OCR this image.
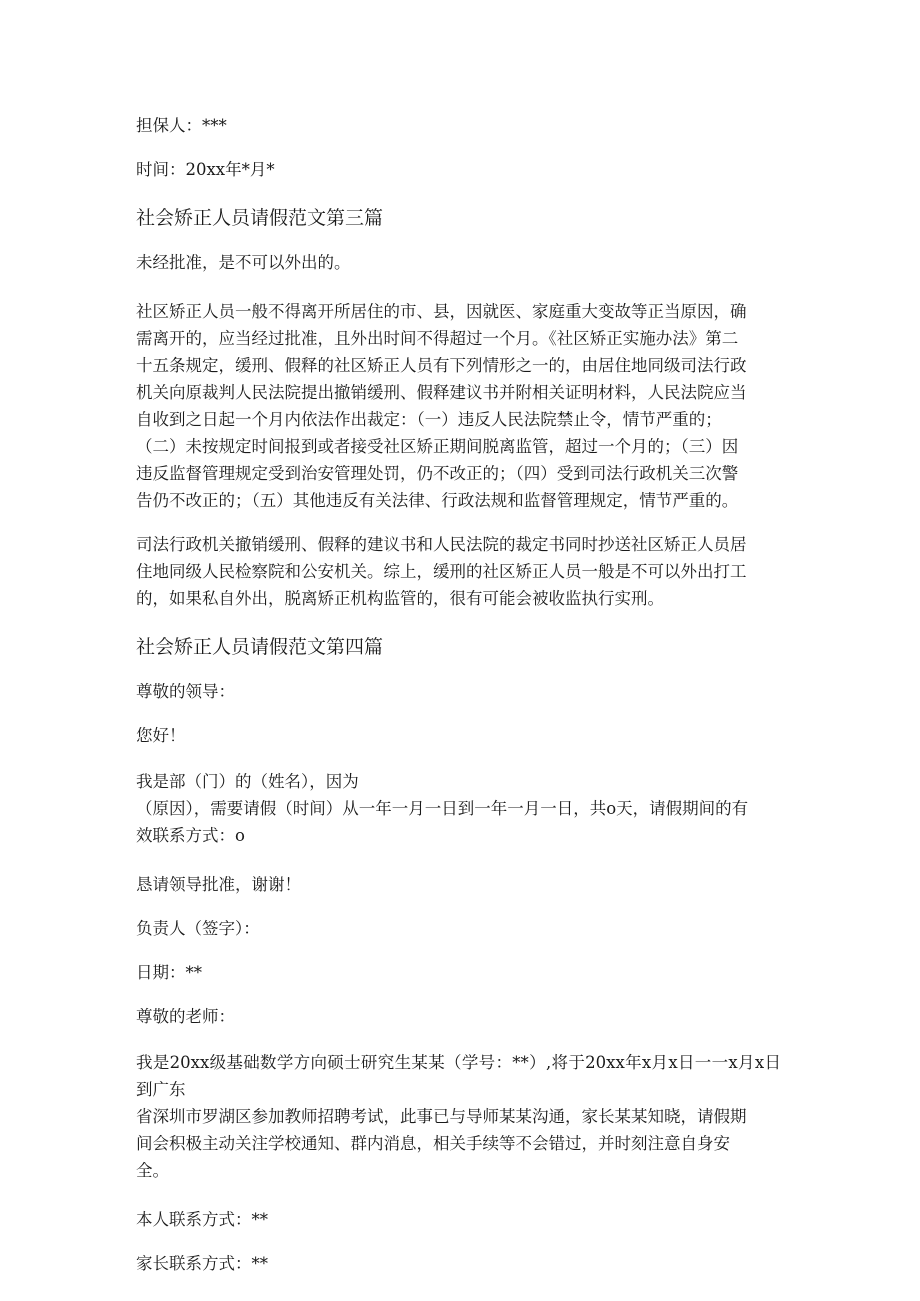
担保人：***
时间：20xx年*月*
社会矫正人员请假范文第三篇
未经批准，是不可以外出的。
社区矫正人员一般不得离开所居住的市、县，因就医、家庭重大变故等正当原因，确
需离开的，应当经过批准，且外出时间不得超过一个月。《社区矫正实施办法》第二
十五条规定，缓刑、假释的社区矫正人员有下列情形之一的，由居住地同级司法行政
机关向原裁判人民法院提出撤销缓刑、假释建议书并附相关证明材料，人民法院应当
自收到之日起一个月内依法作出裁定：（一）违反人民法院禁止令，情节严重的；
（二）未按规定时间报到或者接受社区矫正期间脱离监管，超过一个月的；（三）因
违反监督管理规定受到治安管理处罚，仍不改正的；（四）受到司法行政机关三次警
告仍不改正的；（五）其他违反有关法律、行政法规和监督管理规定，情节严重的。
司法行政机关撤销缓刑、假释的建议书和人民法院的裁定书同时抄送社区矫正人员居
住地同级人民检察院和公安机关。综上，缓刑的社区矫正人员一般是不可以外出打工
的，如果私自外出，脱离矫正机构监管的，很有可能会被收监执行实刑。
社会矫正人员请假范文第四篇
尊敬的领导：
您好！
我是部（门）的（姓名），因为
（原因），需要请假（时间）从一年一月一日到一年一月一日，共o天，请假期间的有
效联系方式：o
恳请领导批准，谢谢！
负责人（签字）：
日期：**
尊敬的老师：
我是20xx级基础数学方向硕士研究生某某（学号：**）,将于20xx年x月x日一一x月x日到广东
省深圳市罗湖区参加教师招聘考试，此事已与导师某某沟通，家长某某知晓，请假期
间会积极主动关注学校通知、群内消息，相关手续等不会错过，并时刻注意自身安
全。
本人联系方式：**
家长联系方式：**
